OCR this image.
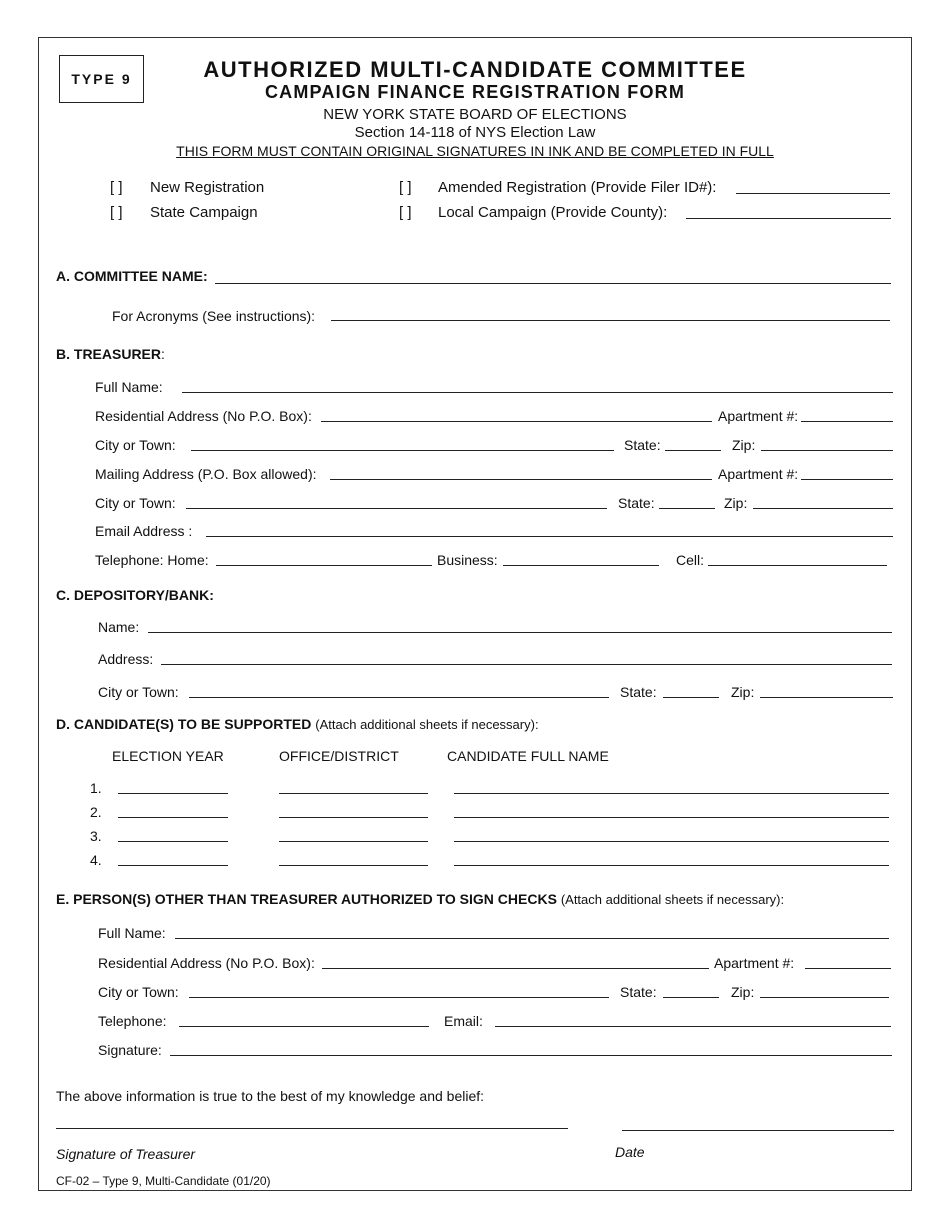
TYPE 9	AUTHORIZED MULTI-CANDIDATE COMMITTEE
CAMPAIGN FINANCE REGISTRATION FORM
NEW YORK STATE BOARD OF ELECTIONS
Section 14-118 of NYS Election Law
THIS FORM MUST CONTAIN ORIGINAL SIGNATURES IN INK AND BE COMPLETED IN FULL
[ ] New Registration
[ ] State Campaign
[ ] Amended Registration (Provide Filer ID#):
[ ] Local Campaign (Provide County):
A. COMMITTEE NAME:
For Acronyms (See instructions):
B. TREASURER:
Full Name:
Residential Address (No P.O. Box):	Apartment #:
City or Town:	State:	Zip:
Mailing Address (P.O. Box allowed):	Apartment #:
City or Town:	State:	Zip:
Email Address :
Telephone: Home:	Business:	Cell:
C. DEPOSITORY/BANK:
Name:
Address:
City or Town:	State:	Zip:
D. CANDIDATE(S) TO BE SUPPORTED (Attach additional sheets if necessary):
ELECTION YEAR	OFFICE/DISTRICT	CANDIDATE FULL NAME
1.
2.
3.
4.
E. PERSON(S) OTHER THAN TREASURER AUTHORIZED TO SIGN CHECKS (Attach additional sheets if necessary):
Full Name:
Residential Address (No P.O. Box):	Apartment #:
City or Town:	State:	Zip:
Telephone:	Email:
Signature:
The above information is true to the best of my knowledge and belief:
Signature of Treasurer	Date
CF-02 – Type 9, Multi-Candidate (01/20)
